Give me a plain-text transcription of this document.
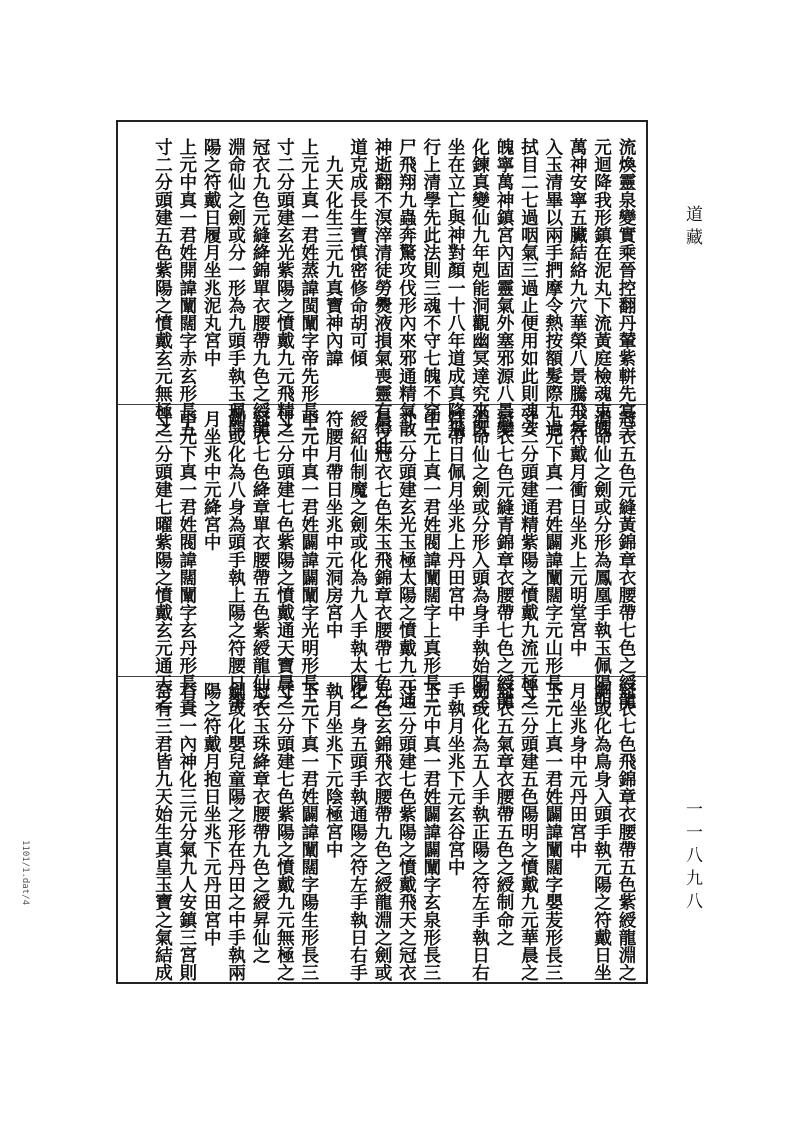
道藏
一一八九八
1101/1.dat/4
流煥靈泉變實乘晉控翻丹輦紫軿先宴三
元迴降我形鎮在泥丸下流黃庭檢魂束魄
萬神安寧五臟結絡九穴華榮八景騰飛昇
入玉清畢以兩手捫摩令熱按額髮際九過
拭目二七過咽氣三過止便用如此則魂安
魄寧萬神鎮宮內固靈氣外塞邪源八景變
化鍊真變仙九年剋能洞觀幽冥達究來旣
坐在立亡與神對顏一十八年道成真降飛
行上清學先此法則三魂不守七魄不穿三
尸飛翔九蟲奔驚攻伐形內來邪通精氣散
神逝翻不溟滓清徒勞㸑液損氣喪靈有得此
道克成長生寶慎密修命胡可傾
　九天化生三元九真寶神內諱
上元上真一君姓蒸諱閩闡字帝先形長三
寸二分頭建玄光紫陽之憤戴九元飛精之
冠衣九色元縫絳錦單衣腰帶九色之綬龍
淵命仙之劍或分一形為九頭手執玉珮開
陽之符戴日履月坐兆泥丸宮中
上元中真一君姓開諱闡闊字赤玄形長五
寸二分頭建五色紫陽之憤戴玄元無極之
冠衣五色元縫黃錦章衣腰帶七色之綬龍
淵命仙之劍或分形為鳳凰手執玉佩陽明
之符戴月衝日坐兆上元明堂宮中
上元下真一君姓闢諱闡闊字元山形長三
寸二分頭建通精紫陽之憤戴九流元極之
冠衣七色元縫青錦章衣腰帶七色之綬龍
淵命仙之劍或分形入頭為身手執始陽之
符帶日佩月坐兆上丹田宮中
中元上真一君姓閥諱闡闊字上真形長三
寸二分頭建玄光玉極太陽之憤戴九元通
晨之冠衣七色朱玉飛錦章衣腰帶七色之
綬紹仙制魔之劍或化為九人手執太陽之
符腰月帶日坐兆中元洞房宮中
中元中真一君姓闢諱闢闡字光明形長三
寸二分頭建七色紫陽之憤戴通天寶晨之
冠衣七色絳章單衣腰帶五色紫綬龍仙之
劍或化為八身為頭手執上陽之符腰日帶
月坐兆中元絳宮中
中元下真一君姓閥諱闊闡字玄丹形長三
寸二分頭建七曜紫陽之憤戴玄元通天之
冠衣七色飛錦章衣腰帶五色紫綬龍淵之
劍或化為鳥身入頭手執元陽之符戴日坐
月坐兆身中元丹田宮中
下元上真一君姓闢諱闡闊字嬰苃形長三
寸二分頭建五色陽明之憤戴九元華晨之
冠衣五氣章衣腰帶五色之綬制命之
劍或化為五人手執正陽之符左手執日右
手執月坐兆下元玄谷宮中
下元中真一君姓闢諱闢闡字玄泉形長三
寸二分頭建七色紫陽之憤戴飛天之冠衣
九色玄錦飛衣腰帶九色之綬龍淵之劍或
化一身五頭手執通陽之符左手執日右手
執月坐兆下元陰極宮中
下元下真一君姓闢諱闡闊字陽生形長三
寸二分頭建七色紫陽之憤戴九元無極之
冠衣玉珠絳章衣腰帶九色之綬昇仙之
劍或化嬰兒童陽之形在丹田之中手執兩
陽之符戴月抱日坐兆下元丹田宮中
右真一內神化三元分氣九人安鎮三宮則
宮有三君皆九天始生真皇玉寶之氣結成
